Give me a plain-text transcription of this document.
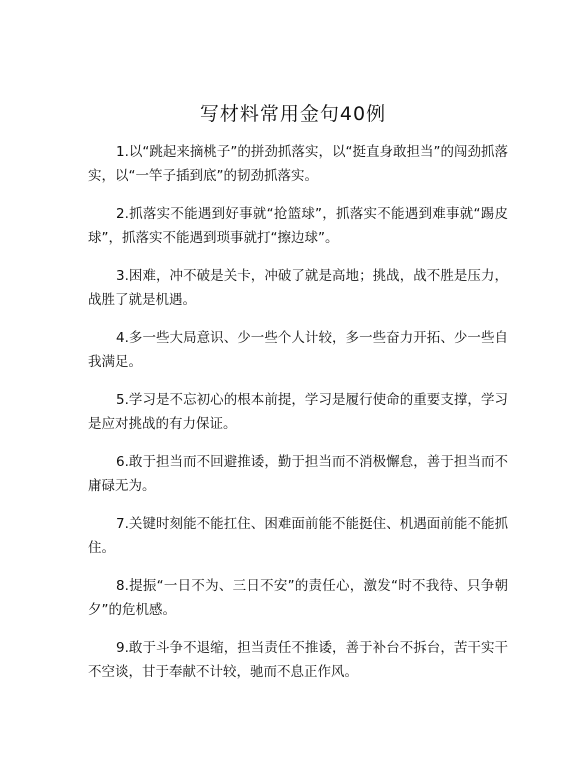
写材料常用金句40例

1.以“跳起来摘桃子”的拼劲抓落实，以“挺直身敢担当”的闯劲抓落实，以“一竿子插到底”的韧劲抓落实。

2.抓落实不能遇到好事就“抢篮球”，抓落实不能遇到难事就“踢皮球”，抓落实不能遇到琐事就打“擦边球”。

3.困难，冲不破是关卡，冲破了就是高地；挑战，战不胜是压力，战胜了就是机遇。

4.多一些大局意识、少一些个人计较，多一些奋力开拓、少一些自我满足。

5.学习是不忘初心的根本前提，学习是履行使命的重要支撑，学习是应对挑战的有力保证。

6.敢于担当而不回避推诿，勤于担当而不消极懈怠，善于担当而不庸碌无为。

7.关键时刻能不能扛住、困难面前能不能挺住、机遇面前能不能抓住。

8.提振“一日不为、三日不安”的责任心，激发“时不我待、只争朝夕”的危机感。

9.敢于斗争不退缩，担当责任不推诿，善于补台不拆台，苦干实干不空谈，甘于奉献不计较，驰而不息正作风。
